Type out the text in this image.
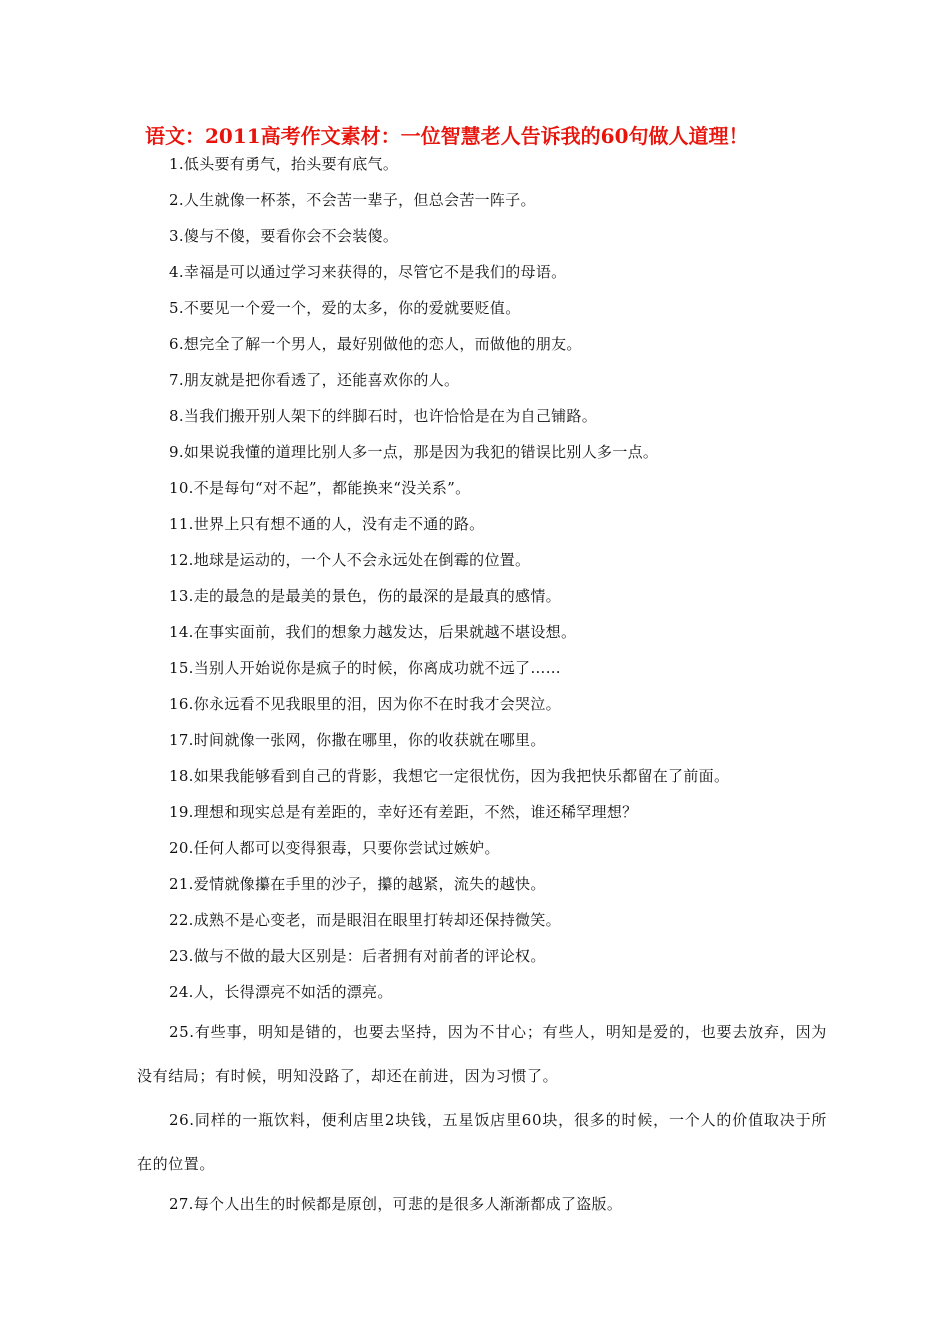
语文：2011高考作文素材：一位智慧老人告诉我的60句做人道理！

1.低头要有勇气，抬头要有底气。

2.人生就像一杯茶，不会苦一辈子，但总会苦一阵子。

3.傻与不傻，要看你会不会装傻。

4.幸福是可以通过学习来获得的，尽管它不是我们的母语。

5.不要见一个爱一个，爱的太多，你的爱就要贬值。

6.想完全了解一个男人，最好别做他的恋人，而做他的朋友。

7.朋友就是把你看透了，还能喜欢你的人。

8.当我们搬开别人架下的绊脚石时，也许恰恰是在为自己铺路。

9.如果说我懂的道理比别人多一点，那是因为我犯的错误比别人多一点。

10.不是每句“对不起”，都能换来“没关系”。

11.世界上只有想不通的人，没有走不通的路。

12.地球是运动的，一个人不会永远处在倒霉的位置。

13.走的最急的是最美的景色，伤的最深的是最真的感情。

14.在事实面前，我们的想象力越发达，后果就越不堪设想。

15.当别人开始说你是疯子的时候，你离成功就不远了……

16.你永远看不见我眼里的泪，因为你不在时我才会哭泣。

17.时间就像一张网，你撒在哪里，你的收获就在哪里。

18.如果我能够看到自己的背影，我想它一定很忧伤，因为我把快乐都留在了前面。

19.理想和现实总是有差距的，幸好还有差距，不然，谁还稀罕理想？

20.任何人都可以变得狠毒，只要你尝试过嫉妒。

21.爱情就像攥在手里的沙子，攥的越紧，流失的越快。

22.成熟不是心变老，而是眼泪在眼里打转却还保持微笑。

23.做与不做的最大区别是：后者拥有对前者的评论权。

24.人，长得漂亮不如活的漂亮。

25.有些事，明知是错的，也要去坚持，因为不甘心；有些人，明知是爱的，也要去放弃，因为没有结局；有时候，明知没路了，却还在前进，因为习惯了。

26.同样的一瓶饮料，便利店里2块钱，五星饭店里60块，很多的时候，一个人的价值取决于所在的位置。

27.每个人出生的时候都是原创，可悲的是很多人渐渐都成了盗版。
